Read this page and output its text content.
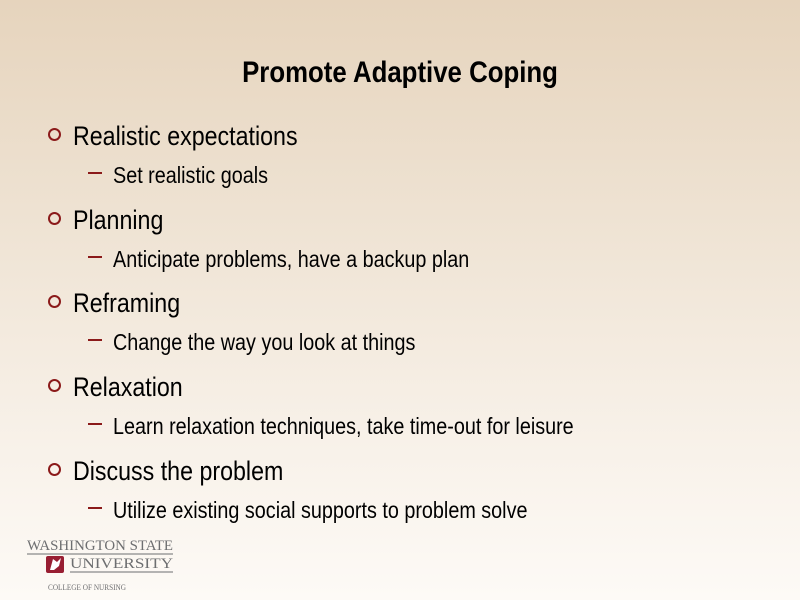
Promote Adaptive Coping
Realistic expectations
Set realistic goals
Planning
Anticipate problems, have a backup plan
Reframing
Change the way you look at things
Relaxation
Learn relaxation techniques, take time-out for leisure
Discuss the problem
Utilize existing social supports to problem solve
WASHINGTON STATE
UNIVERSITY
COLLEGE OF NURSING
